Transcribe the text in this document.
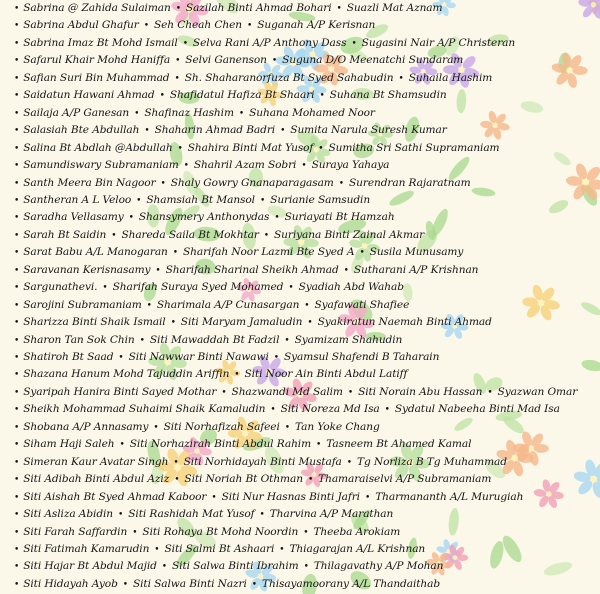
• Sabrina @ Zahida Sulaiman • Sazilah Binti Ahmad Bohari • Suazli Mat Aznam
• Sabrina Abdul Ghafur • Seh Cheah Chen • Suganah A/P Kerisnan
• Sabrina Imaz Bt Mohd Ismail • Selva Rani A/P Anthony Dass • Sugasini Nair A/P Christeran
• Safarul Khair Mohd Haniffa • Selvi Ganenson • Suguna D/O Meenatchi Sundaram
• Safian Suri Bin Muhammad • Sh. Shaharanorfuza Bt Syed Sahabudin • Suhaila Hashim
• Saidatun Hawani Ahmad • Shafidatul Hafiza Bt Shaari • Suhana Bt Shamsudin
• Sailaja A/P Ganesan • Shafinaz Hashim • Suhana Mohamed Noor
• Salasiah Bte Abdullah • Shaharin Ahmad Badri • Sumita Narula Suresh Kumar
• Salina Bt Abdlah @Abdullah • Shahira Binti Mat Yusof • Sumitha Sri Sathi Supramaniam
• Samundiswary Subramaniam • Shahril Azam Sobri • Suraya Yahaya
• Santh Meera Bin Nagoor • Shaly Gowry Gnanaparagasam • Surendran Rajaratnam
• Santheran A L Veloo • Shamsiah Bt Mansol • Surianie Samsudin
• Saradha Vellasamy • Shansymery Anthonydas • Suriayati Bt Hamzah
• Sarah Bt Saidin • Shareda Saila Bt Mokhtar • Suriyana Binti Zainal Akmar
• Sarat Babu A/L Manogaran • Sharifah Noor Lazmi Bte Syed A • Susila Munusamy
• Saravanan Kerisnasamy • Sharifah Sharinal Sheikh Ahmad • Sutharani A/P Krishnan
• Sargunathevi. • Sharifah Suraya Syed Mohamed • Syadiah Abd Wahab
• Sarojini Subramaniam • Sharimala A/P Cunasargan • Syafawati Shafiee
• Sharizza Binti Shaik Ismail • Siti Maryam Jamaludin • Syakiratun Naemah Binti Ahmad
• Sharon Tan Sok Chin • Siti Mawaddah Bt Fadzil • Syamizam Shahudin
• Shatiroh Bt Saad • Siti Nawwar Binti Nawawi • Syamsul Shafendi B Taharain
• Shazana Hanum Mohd Tajuddin Ariffin • Siti Noor Ain Binti Abdul Latiff
• Syaripah Hanira Binti Sayed Mothar • Shazwandi Md Salim • Siti Norain Abu Hassan • Syazwan Omar
• Sheikh Mohammad Suhaimi Shaik Kamaludin • Siti Noreza Md Isa • Sydatul Nabeeha Binti Mad Isa
• Shobana A/P Annasamy • Siti Norhafizah Safeei • Tan Yoke Chang
• Siham Haji Saleh • Siti Norhazirah Binti Abdul Rahim • Tasneem Bt Ahamed Kamal
• Simeran Kaur Avatar Singh • Siti Norhidayah Binti Mustafa • Tg Norliza B Tg Muhammad
• Siti Adibah Binti Abdul Aziz • Siti Noriah Bt Othman • Thamaraiselvi A/P Subramaniam
• Siti Aishah Bt Syed Ahmad Kaboor • Siti Nur Hasnas Binti Jafri • Tharmananth A/L Murugiah
• Siti Asliza Abidin • Siti Rashidah Mat Yusof • Tharvina A/P Marathan
• Siti Farah Saffardin • Siti Rohaya Bt Mohd Noordin • Theeba Arokiam
• Siti Fatimah Kamarudin • Siti Salmi Bt Ashaari • Thiagarajan A/L Krishnan
• Siti Hajar Bt Abdul Majid • Siti Salwa Binti Ibrahim • Thilagavathy A/P Mohan
• Siti Hidayah Ayob • Siti Salwa Binti Nazri • Thisayamoorany A/L Thandaithab
